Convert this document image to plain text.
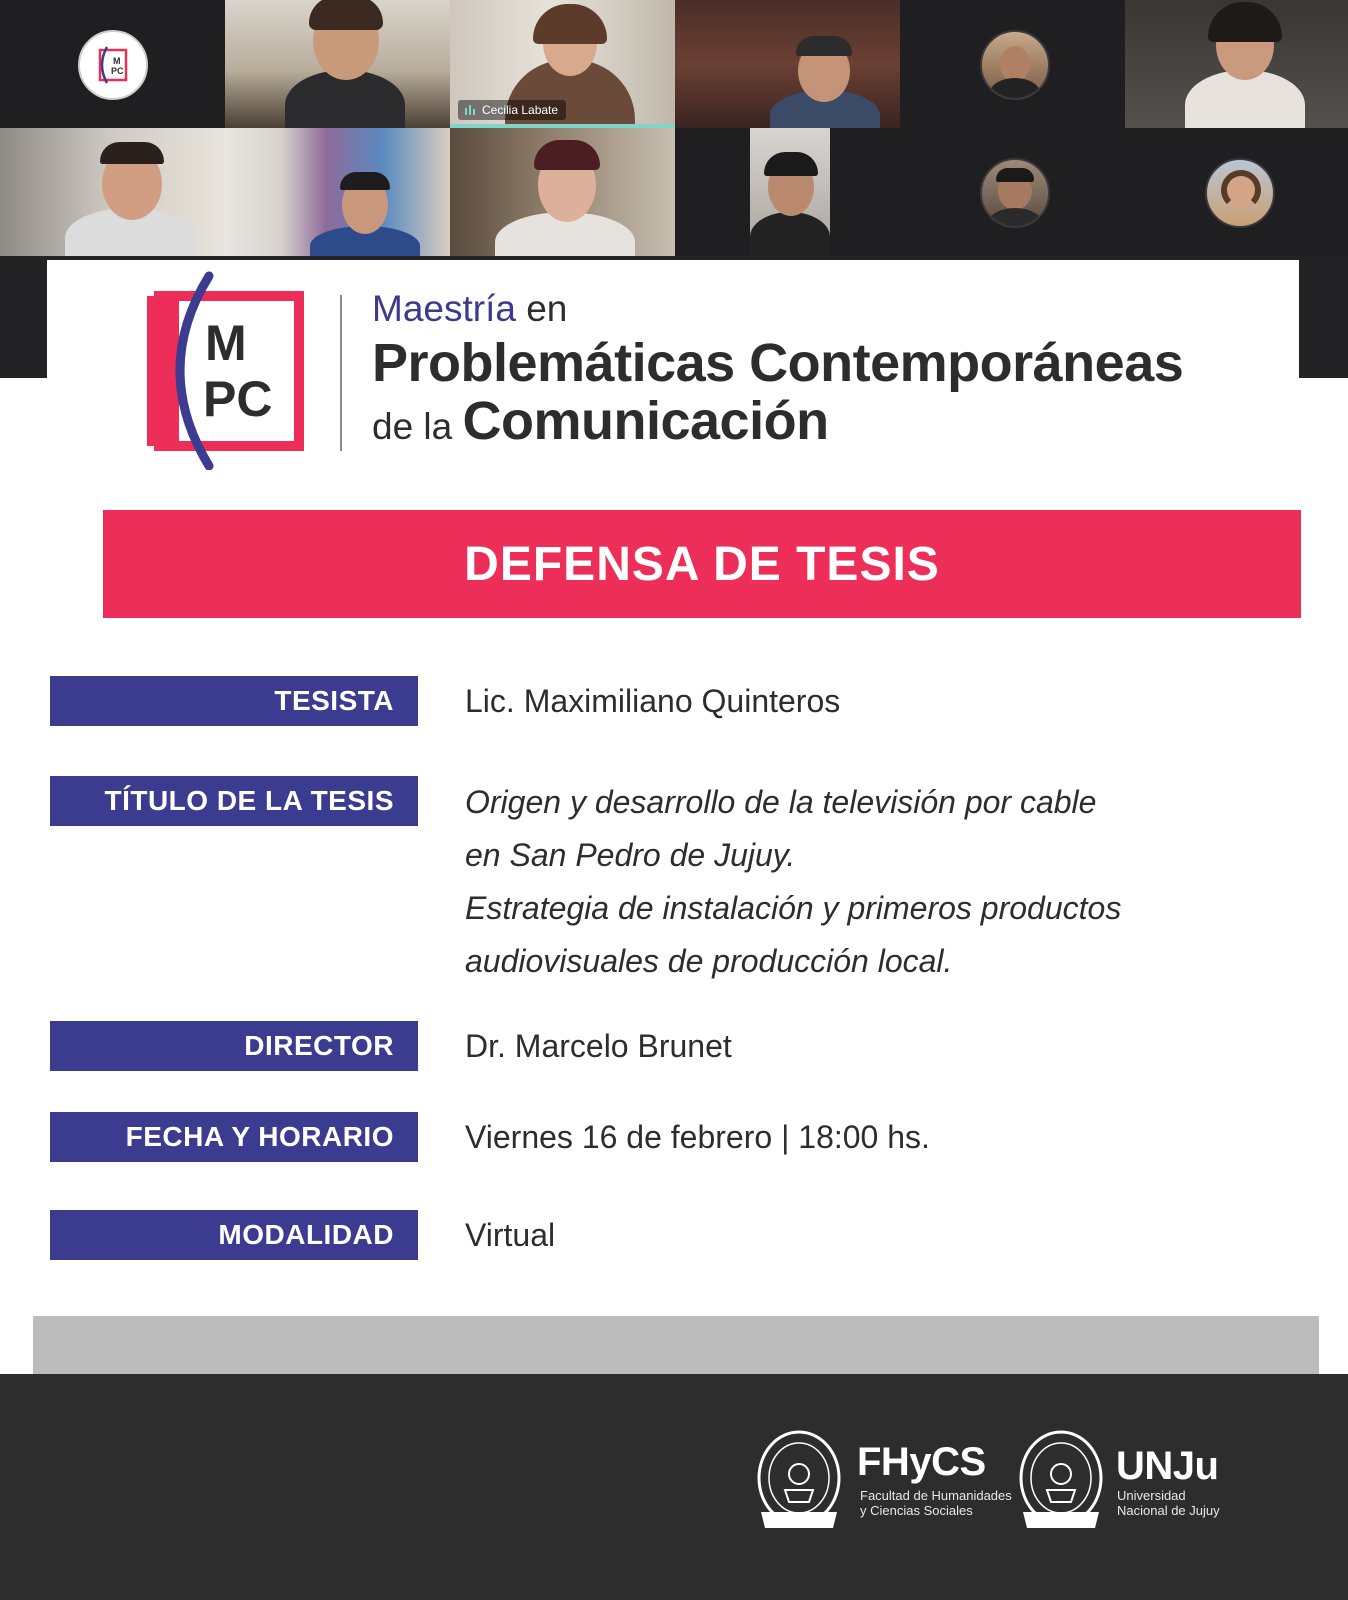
M
PC
Cecilia Labate
M
PC
Maestría en
Problemáticas Contemporáneas
de la Comunicación
DEFENSA DE TESIS
TESISTA	Lic. Maximiliano Quinteros
TÍTULO DE LA TESIS	Origen y desarrollo de la televisión por cable
en San Pedro de Jujuy.
Estrategia de instalación y primeros productos
audiovisuales de producción local.
DIRECTOR	Dr. Marcelo Brunet
FECHA Y HORARIO	Viernes 16 de febrero | 18:00 hs.
MODALIDAD	Virtual
FHyCS
Facultad de Humanidades
y Ciencias Sociales
UNJu
Universidad
Nacional de Jujuy
